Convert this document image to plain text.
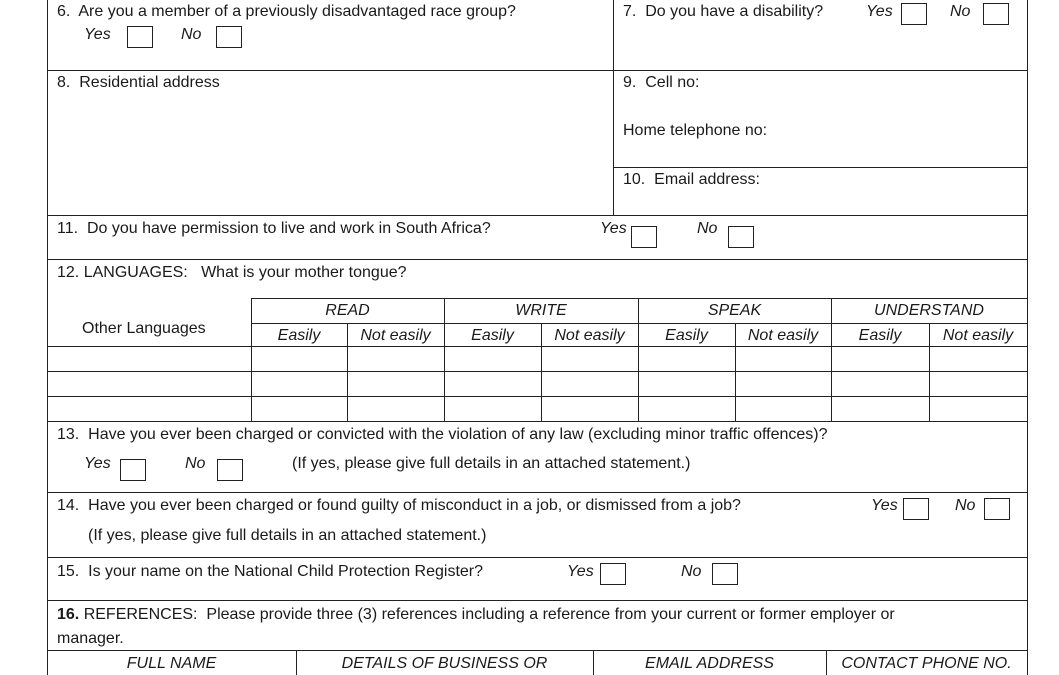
6. Are you a member of a previously disadvantaged race group?
Yes	No
7. Do you have a disability?	Yes	No
8. Residential address	9. Cell no:
Home telephone no:
10. Email address:
11. Do you have permission to live and work in South Africa?	Yes	No
12. LANGUAGES:   What is your mother tongue?
Other Languages
READ	WRITE	SPEAK	UNDERSTAND
Easily	Not easily	Easily	Not easily	Easily	Not easily	Easily	Not easily
13. Have you ever been charged or convicted with the violation of any law (excluding minor traffic offences)?
Yes	No	(If yes, please give full details in an attached statement.)
14. Have you ever been charged or found guilty of misconduct in a job, or dismissed from a job?	Yes	No
(If yes, please give full details in an attached statement.)
15. Is your name on the National Child Protection Register?	Yes	No
16. REFERENCES: Please provide three (3) references including a reference from your current or former employer or
manager.
FULL NAME	DETAILS OF BUSINESS OR	EMAIL ADDRESS	CONTACT PHONE NO.
